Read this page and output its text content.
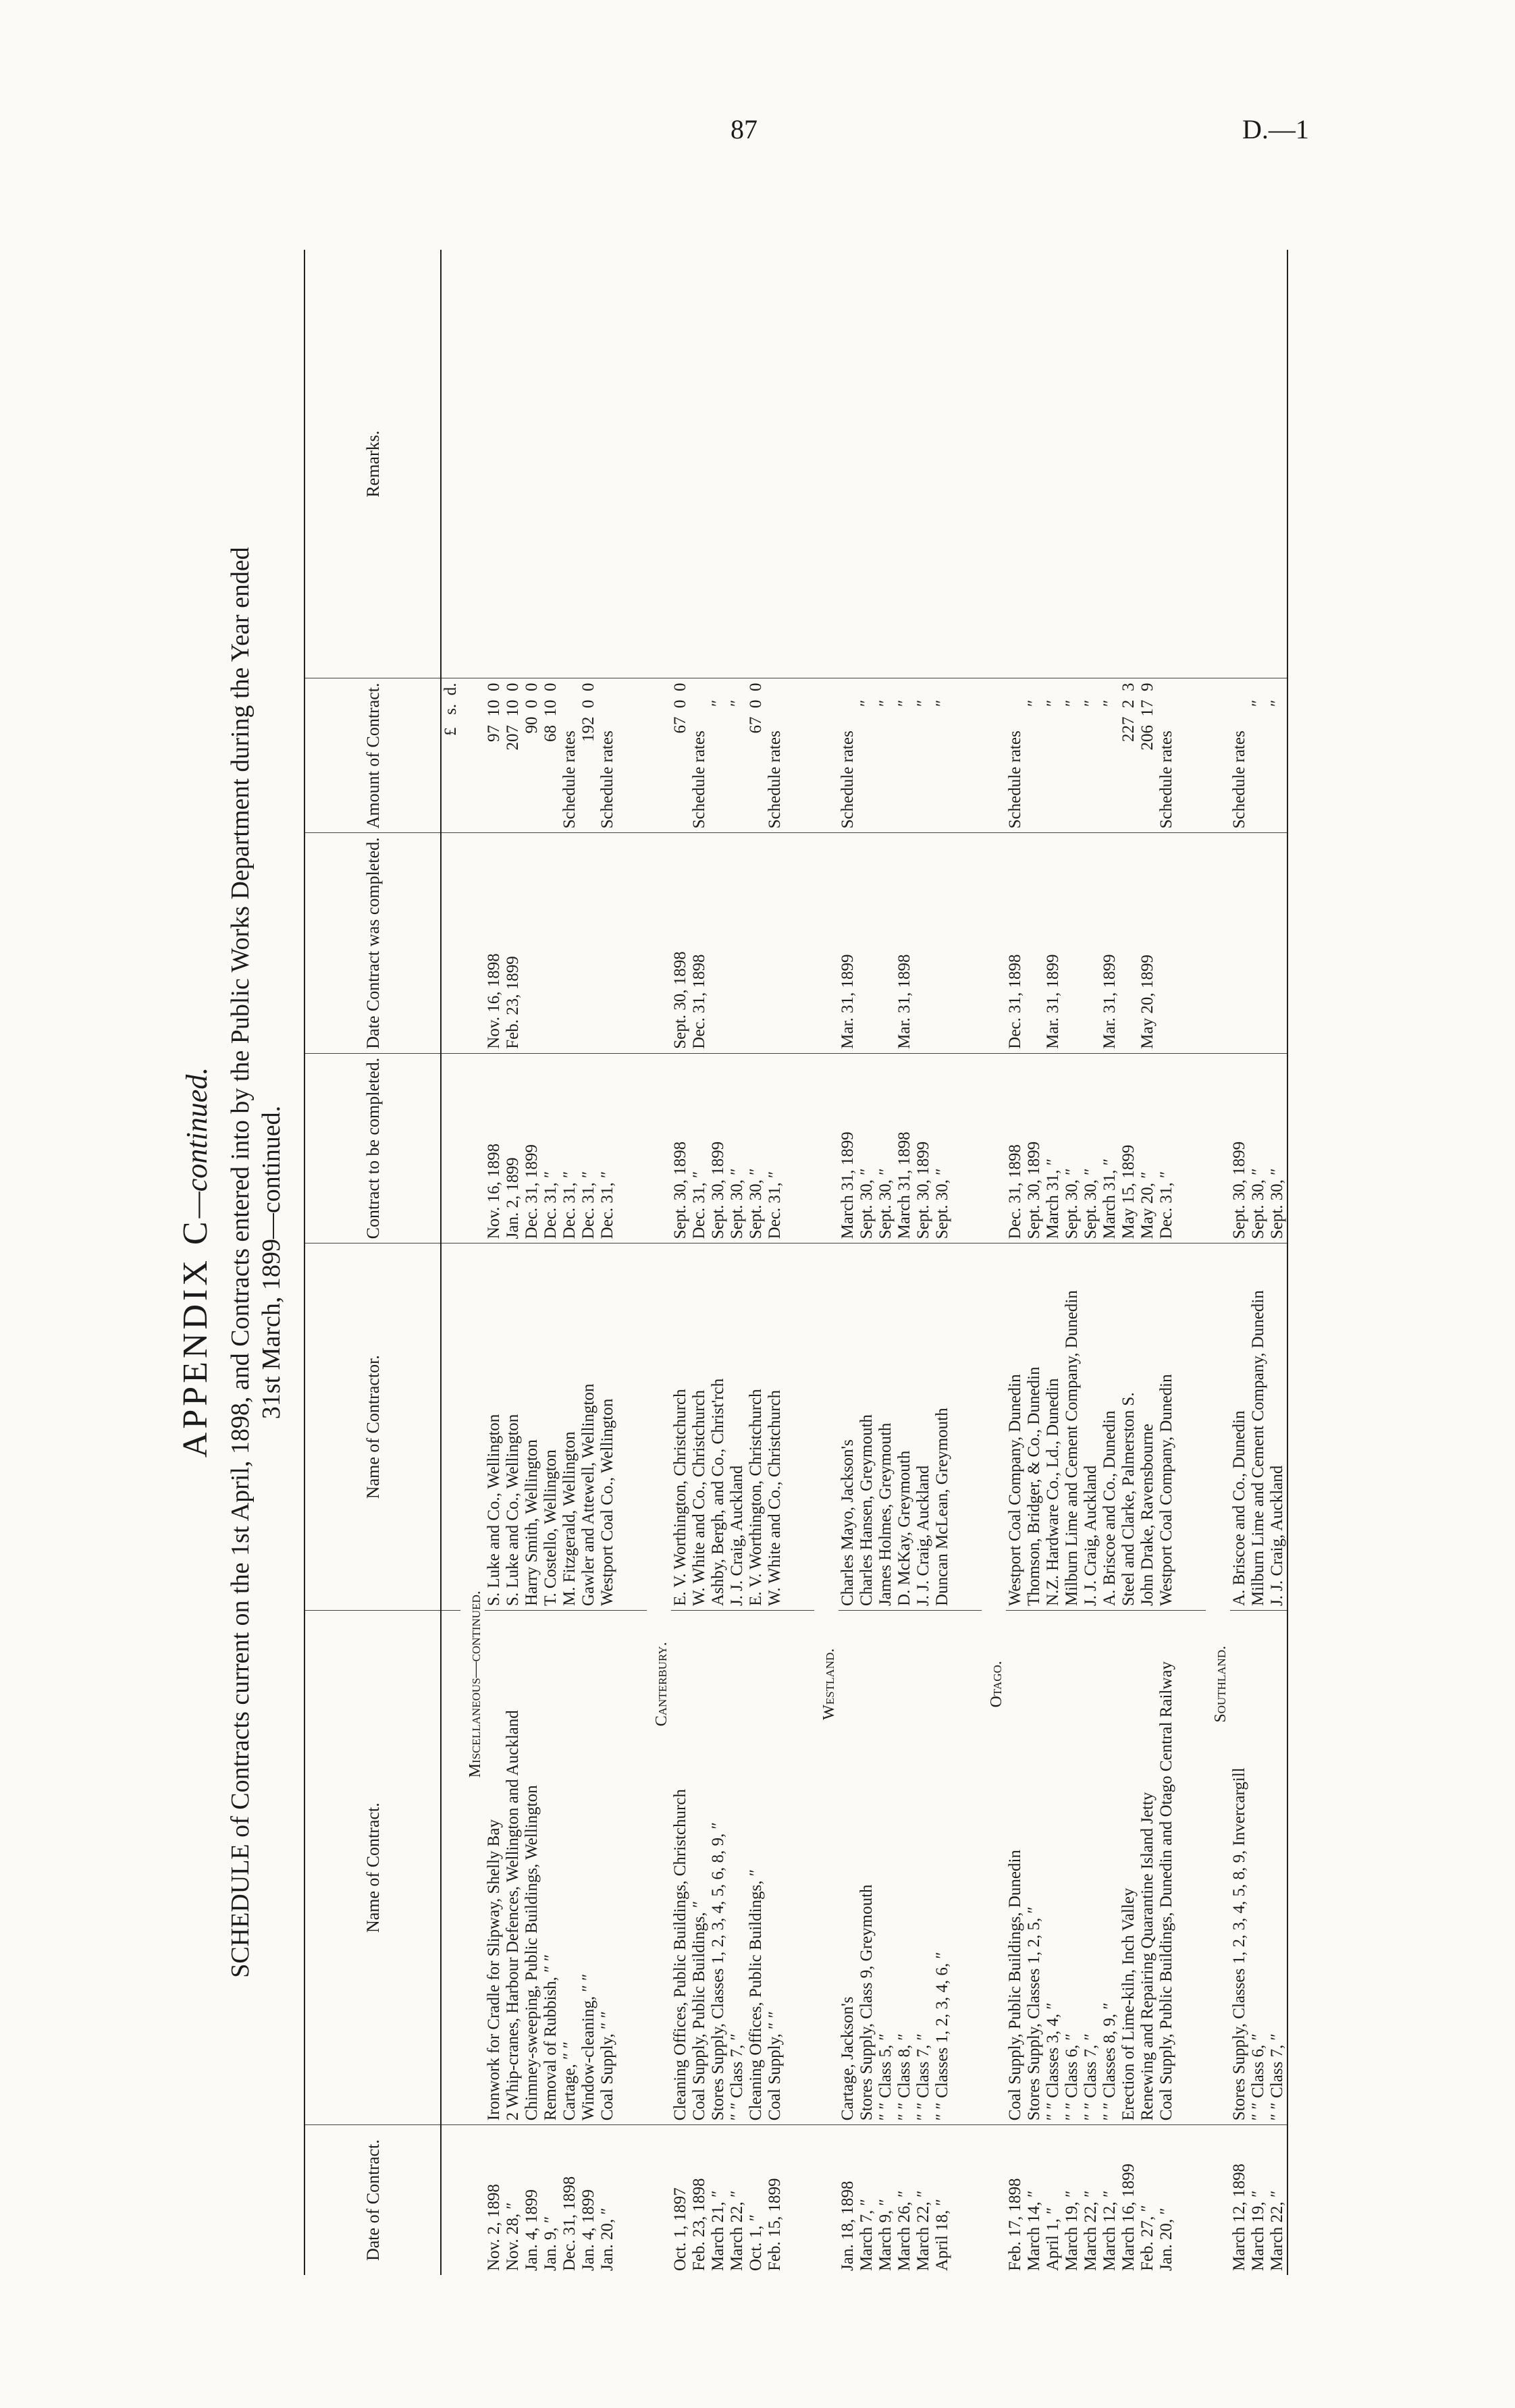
87	D.—1
APPENDIX C—continued. SCHEDULE of Contracts current on the 1st April, 1898, and Contracts entered into by the Public Works Department during the Year ended 31st March, 1899—continued.
Date of Contract.	Name of Contract.	Name of Contractor.	Contract to be completed.	Date Contract was completed.	Amount of Contract.	Remarks.
					£   s.  d.	
	Miscellaneous—continued.					
Nov. 2, 1898	Ironwork for Cradle for Slipway, Shelly Bay	S. Luke and Co., Wellington	Nov. 16, 1898	Nov. 16, 1898	97 10 0	
Nov. 28, ″	2 Whip-cranes, Harbour Defences, Wellington and Auckland	S. Luke and Co., Wellington	Jan. 2, 1899	Feb. 23, 1899	207 10 0	
Jan. 4, 1899	Chimney-sweeping, Public Buildings, Wellington	Harry Smith, Wellington	Dec. 31, 1899		90 0 0	
Jan. 9, ″	Removal of Rubbish, ″ ″	T. Costello, Wellington	Dec. 31, ″		68 10 0	
Dec. 31, 1898	Cartage, ″ ″	M. Fitzgerald, Wellington	Dec. 31, ″		Schedule rates	
Jan. 4, 1899	Window-cleaning, ″ ″	Gawler and Attewell, Wellington	Dec. 31, ″		192 0 0	
Jan. 20, ″	Coal Supply, ″ ″	Westport Coal Co., Wellington	Dec. 31, ″		Schedule rates	

	Canterbury.					
Oct. 1, 1897	Cleaning Offices, Public Buildings, Christchurch	E. V. Worthington, Christchurch	Sept. 30, 1898	Sept. 30, 1898	67 0 0	
Feb. 23, 1898	Coal Supply, Public Buildings, ″	W. White and Co., Christchurch	Dec. 31, ″	Dec. 31, 1898	Schedule rates	
March 21, ″	Stores Supply, Classes 1, 2, 3, 4, 5, 6, 8, 9, ″	Ashby, Bergh, and Co., Christ'rch	Sept. 30, 1899		″  	
March 22, ″	″ ″ Class 7, ″	J. J. Craig, Auckland	Sept. 30, ″		″  	
Oct. 1, ″	Cleaning Offices, Public Buildings, ″	E. V. Worthington, Christchurch	Sept. 30, ″		67 0 0	
Feb. 15, 1899	Coal Supply, ″ ″	W. White and Co., Christchurch	Dec. 31, ″		Schedule rates	

	Westland.					
Jan. 18, 1898	Cartage, Jackson's	Charles Mayo, Jackson's	March 31, 1899	Mar. 31, 1899	Schedule rates	
March 7, ″	Stores Supply, Class 9, Greymouth	Charles Hansen, Greymouth	Sept. 30, ″		″  	
March 9, ″	″ ″ Class 5, ″	James Holmes, Greymouth	Sept. 30, ″		″  	
March 26, ″	″ ″ Class 8, ″	D. McKay, Greymouth	March 31, 1898	Mar. 31, 1898	″  	
March 22, ″	″ ″ Class 7, ″	J. J. Craig, Auckland	Sept. 30, 1899		″  	
April 18, ″	″ ″ Classes 1, 2, 3, 4, 6, ″	Duncan McLean, Greymouth	Sept. 30, ″		″  	

	Otago.					
Feb. 17, 1898	Coal Supply, Public Buildings, Dunedin	Westport Coal Company, Dunedin	Dec. 31, 1898	Dec. 31, 1898	Schedule rates	
March 14, ″	Stores Supply, Classes 1, 2, 5, ″	Thomson, Bridger, & Co., Dunedin	Sept. 30, 1899		″  	
April 1, ″	″ ″ Classes 3, 4, ″	N.Z. Hardware Co., Ld., Dunedin	March 31, ″	Mar. 31, 1899	″  	
March 19, ″	″ ″ Class 6, ″	Milburn Lime and Cement Company, Dunedin	Sept. 30, ″		″  	
March 22, ″	″ ″ Class 7, ″	J. J. Craig, Auckland	Sept. 30, ″		″  	
March 12, ″	″ ″ Classes 8, 9, ″	A. Briscoe and Co., Dunedin	March 31, ″	Mar. 31, 1899	″  	
March 16, 1899	Erection of Lime-kiln, Inch Valley	Steel and Clarke, Palmerston S.	May 15, 1899		227 2 3	
Feb. 27, ″	Renewing and Repairing Quarantine Island Jetty	John Drake, Ravensbourne	May 20, ″	May 20, 1899	206 17 9	
Jan. 20, ″	Coal Supply, Public Buildings, Dunedin and Otago Central Railway	Westport Coal Company, Dunedin	Dec. 31, ″		Schedule rates	

	Southland.					
March 12, 1898	Stores Supply, Classes 1, 2, 3, 4, 5, 8, 9, Invercargill	A. Briscoe and Co., Dunedin	Sept. 30, 1899		Schedule rates	
March 19, ″	″ ″ Class 6, ″	Milburn Lime and Cement Company, Dunedin	Sept. 30, ″		″  	
March 22, ″	″ ″ Class 7, ″	J. J. Craig, Auckland	Sept. 30, ″		″  	
